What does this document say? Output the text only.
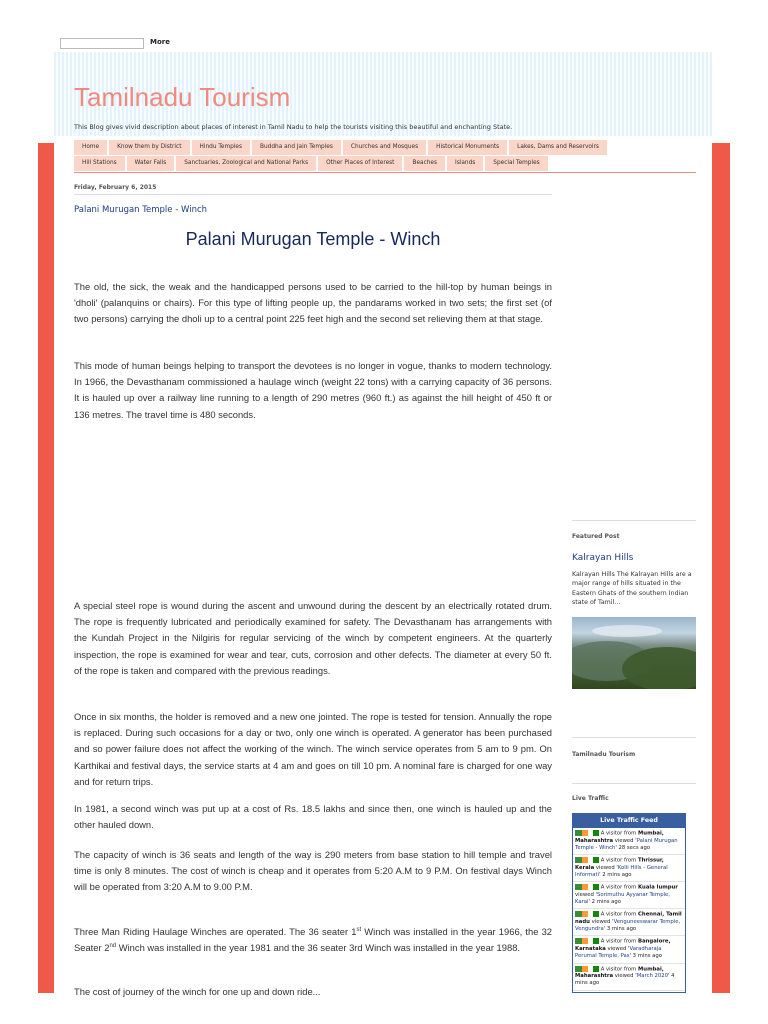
More
Tamilnadu Tourism
This Blog gives vivid description about places of interest in Tamil Nadu to help the tourists visiting this beautiful and enchanting State.
Home	Know them by District	Hindu Temples	Buddha and Jain Temples	Churches and Mosques	Historical Monuments	Lakes, Dams and Reservoirs
Hill Stations	Water Falls	Sanctuaries, Zoological and National Parks	Other Places of Interest	Beaches	Islands	Special Temples
Friday, February 6, 2015
Palani Murugan Temple - Winch
Palani Murugan Temple - Winch
The old, the sick, the weak and the handicapped persons used to be carried to the hill-top by human beings in 'dholi' (palanquins or chairs). For this type of lifting people up, the pandarams worked in two sets; the first set (of two persons) carrying the dholi up to a central point 225 feet high and the second set relieving them at that stage.
This mode of human beings helping to transport the devotees is no longer in vogue, thanks to modern technology. In 1966, the Devasthanam commissioned a haulage winch (weight 22 tons) with a carrying capacity of 36 persons. It is hauled up over a railway line running to a length of 290 metres (960 ft.) as against the hill height of 450 ft or 136 metres. The travel time is 480 seconds.
A special steel rope is wound during the ascent and unwound during the descent by an electrically rotated drum. The rope is frequently lubricated and periodically examined for safety. The Devasthanam has arrangements with the Kundah Project in the Nilgiris for regular servicing of the winch by competent engineers. At the quarterly inspection, the rope is examined for wear and tear, cuts, corrosion and other defects. The diameter at every 50 ft. of the rope is taken and compared with the previous readings.
Once in six months, the holder is removed and a new one jointed. The rope is tested for tension. Annually the rope is replaced. During such occasions for a day or two, only one winch is operated. A generator has been purchased and so power failure does not affect the working of the winch. The winch service operates from 5 am to 9 pm. On Karthikai and festival days, the service starts at 4 am and goes on till 10 pm. A nominal fare is charged for one way and for return trips.
In 1981, a second winch was put up at a cost of Rs. 18.5 lakhs and since then, one winch is hauled up and the other hauled down.
The capacity of winch is 36 seats and length of the way is 290 meters from base station to hill temple and travel time is only 8 minutes. The cost of winch is cheap and it operates from 5:20 A.M to 9 P.M. On festival days Winch will be operated from 3:20 A.M to 9.00 P.M.
Three Man Riding Haulage Winches are operated. The 36 seater 1st Winch was installed in the year 1966, the 32 Seater 2nd Winch was installed in the year 1981 and the 36 seater 3rd Winch was installed in the year 1988.
The cost of journey of the winch for one up and down ride...
Featured Post
Kalrayan Hills
Kalrayan Hills The Kalrayan Hills are a major range of hills situated in the Eastern Ghats of the southern Indian state of Tamil...
Tamilnadu Tourism
Live Traffic
Live Traffic Feed
A visitor from Mumbai, Maharashtra viewed 'Palani Murugan Temple - Winch' 28 secs ago
A visitor from Thrissur, Kerala viewed 'Kolli Hills - General Informati' 2 mins ago
A visitor from Kuala lumpur viewed 'Sorimuthu Ayyanar Temple, Karai' 2 mins ago
A visitor from Chennai, Tamil nadu viewed 'Venguneeswarar Temple, Vengundra' 3 mins ago
A visitor from Bangalore, Karnataka viewed 'Varadharaja Perumal Temple, Pas' 3 mins ago
A visitor from Mumbai, Maharashtra viewed 'March 2020' 4 mins ago
